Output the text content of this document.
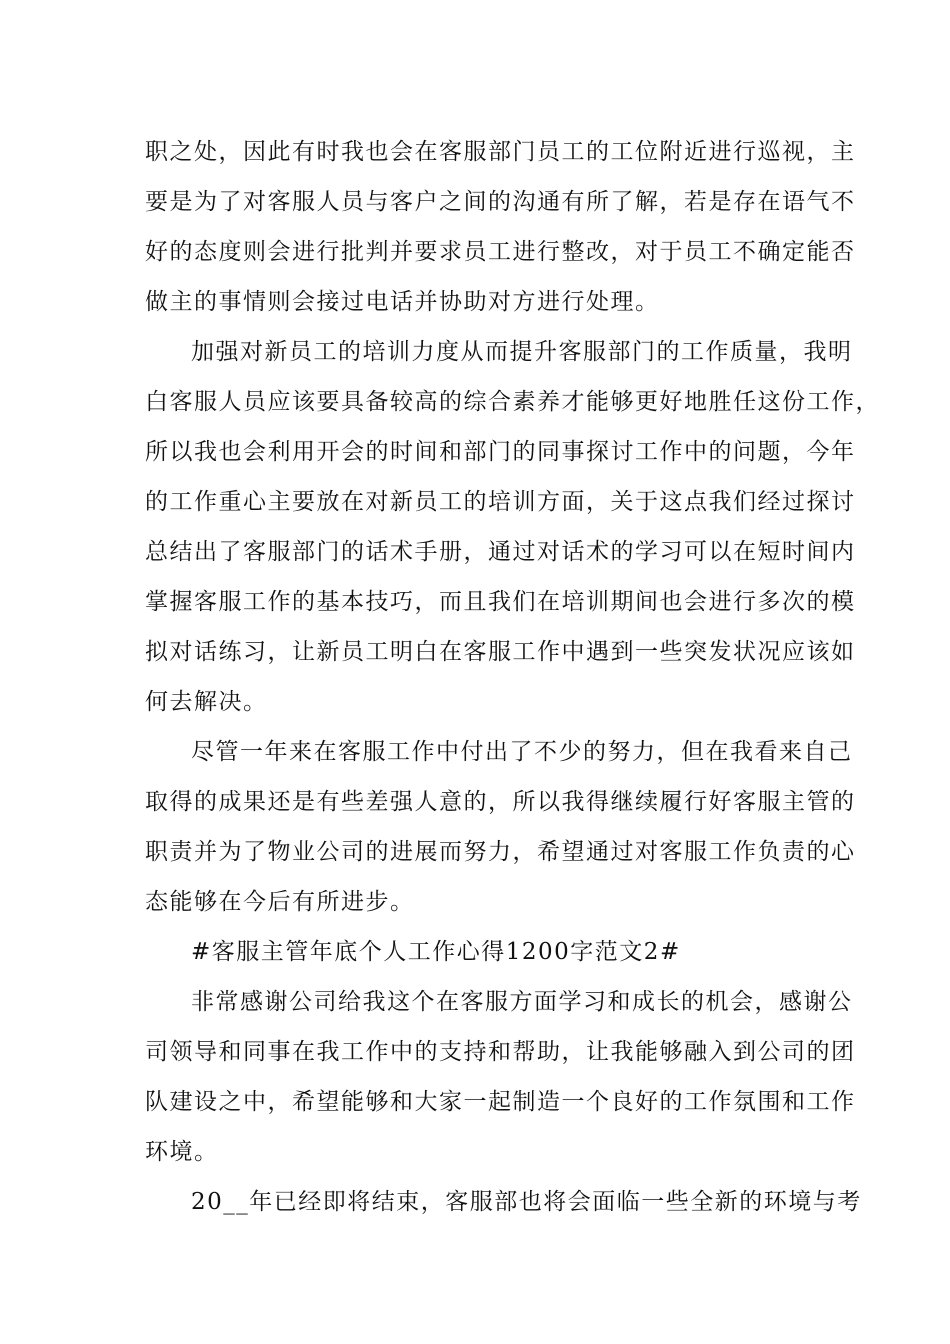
职之处，因此有时我也会在客服部门员工的工位附近进行巡视，主
要是为了对客服人员与客户之间的沟通有所了解，若是存在语气不
好的态度则会进行批判并要求员工进行整改，对于员工不确定能否
做主的事情则会接过电话并协助对方进行处理。
加强对新员工的培训力度从而提升客服部门的工作质量，我明
白客服人员应该要具备较高的综合素养才能够更好地胜任这份工作，
所以我也会利用开会的时间和部门的同事探讨工作中的问题，今年
的工作重心主要放在对新员工的培训方面，关于这点我们经过探讨
总结出了客服部门的话术手册，通过对话术的学习可以在短时间内
掌握客服工作的基本技巧，而且我们在培训期间也会进行多次的模
拟对话练习，让新员工明白在客服工作中遇到一些突发状况应该如
何去解决。
尽管一年来在客服工作中付出了不少的努力，但在我看来自己
取得的成果还是有些差强人意的，所以我得继续履行好客服主管的
职责并为了物业公司的进展而努力，希望通过对客服工作负责的心
态能够在今后有所进步。
#客服主管年底个人工作心得1200字范文2#
非常感谢公司给我这个在客服方面学习和成长的机会，感谢公
司领导和同事在我工作中的支持和帮助，让我能够融入到公司的团
队建设之中，希望能够和大家一起制造一个良好的工作氛围和工作
环境。
20__年已经即将结束，客服部也将会面临一些全新的环境与考
